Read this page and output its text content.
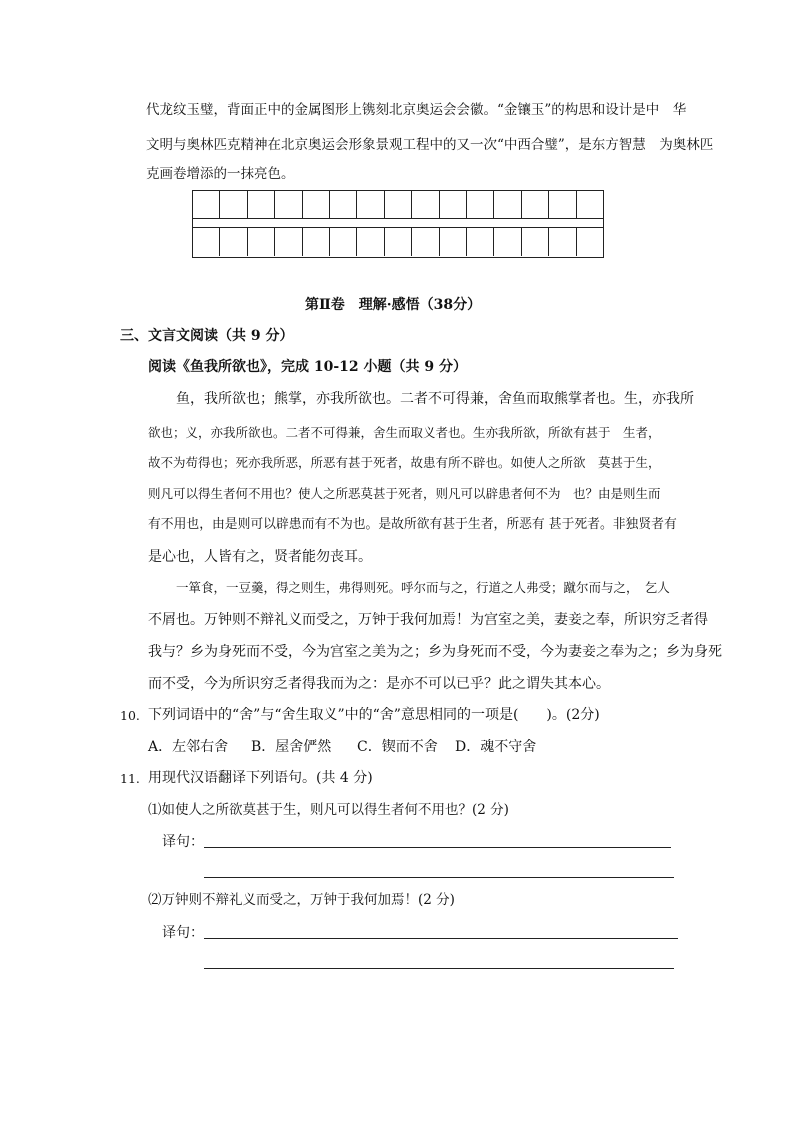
代龙纹玉璧，背面正中的金属图形上镌刻北京奥运会会徽。“金镶玉”的构思和设计是中　华
文明与奥林匹克精神在北京奥运会形象景观工程中的又一次“中西合璧”，是东方智慧　为奥林匹
克画卷增添的一抹亮色。
第Ⅱ卷　理解·感悟（38分）
三、文言文阅读（共 9 分）
阅读《鱼我所欲也》，完成 10-12 小题（共 9 分）
鱼，我所欲也；熊掌，亦我所欲也。二者不可得兼，舍鱼而取熊掌者也。生，亦我所
欲也；义，亦我所欲也。二者不可得兼，舍生而取义者也。生亦我所欲，所欲有甚于　生者，
故不为苟得也；死亦我所恶，所恶有甚于死者，故患有所不辟也。如使人之所欲　莫甚于生，
则凡可以得生者何不用也？使人之所恶莫甚于死者，则凡可以辟患者何不为　也？由是则生而
有不用也，由是则可以辟患而有不为也。是故所欲有甚于生者，所恶有 甚于死者。非独贤者有
是心也，人皆有之，贤者能勿丧耳。
一箪食，一豆羹，得之则生，弗得则死。呼尔而与之，行道之人弗受；蹴尔而与之，　乞人
不屑也。万钟则不辩礼义而受之，万钟于我何加焉！为宫室之美，妻妾之奉，所识穷乏者得
我与？乡为身死而不受，今为宫室之美为之；乡为身死而不受，今为妻妾之奉为之；乡为身死
而不受，今为所识穷乏者得我而为之：是亦不可以已乎？此之谓失其本心。
10. 下列词语中的“舍”与“舍生取义”中的“舍”意思相同的一项是(　　)。(2分)
A．左邻右舍 B．屋舍俨然 C．锲而不舍 D．魂不守舍
11. 用现代汉语翻译下列语句。(共 4 分)
⑴如使人之所欲莫甚于生，则凡可以得生者何不用也？(2 分)
译句：
⑵万钟则不辩礼义而受之，万钟于我何加焉！(2 分)
译句：
